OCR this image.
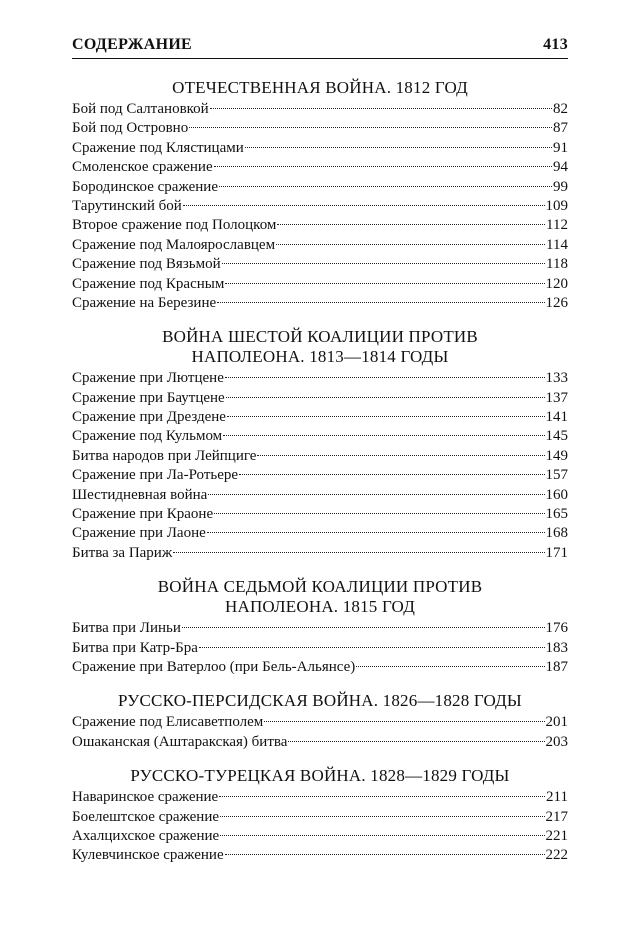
СОДЕРЖАНИЕ	413
ОТЕЧЕСТВЕННАЯ ВОЙНА. 1812 ГОД
Бой под Салтановкой	82
Бой под Островно	87
Сражение под Клястицами	91
Смоленское сражение	94
Бородинское сражение	99
Тарутинский бой	109
Второе сражение под Полоцком	112
Сражение под Малоярославцем	114
Сражение под Вязьмой	118
Сражение под Красным	120
Сражение на Березине	126
ВОЙНА ШЕСТОЙ КОАЛИЦИИ ПРОТИВ
НАПОЛЕОНА. 1813—1814 ГОДЫ
Сражение при Лютцене	133
Сражение при Баутцене	137
Сражение при Дрездене	141
Сражение под Кульмом	145
Битва народов при Лейпциге	149
Сражение при Ла-Ротьере	157
Шестидневная война	160
Сражение при Краоне	165
Сражение при Лаоне	168
Битва за Париж	171
ВОЙНА СЕДЬМОЙ КОАЛИЦИИ ПРОТИВ
НАПОЛЕОНА. 1815 ГОД
Битва при Линьи	176
Битва при Катр-Бра	183
Сражение при Ватерлоо (при Бель-Альянсе)	187
РУССКО-ПЕРСИДСКАЯ ВОЙНА. 1826—1828 ГОДЫ
Сражение под Елисаветполем	201
Ошаканская (Аштаракская) битва	203
РУССКО-ТУРЕЦКАЯ ВОЙНА. 1828—1829 ГОДЫ
Наваринское сражение	211
Боелештское сражение	217
Ахалцихское сражение	221
Кулевчинское сражение	222
